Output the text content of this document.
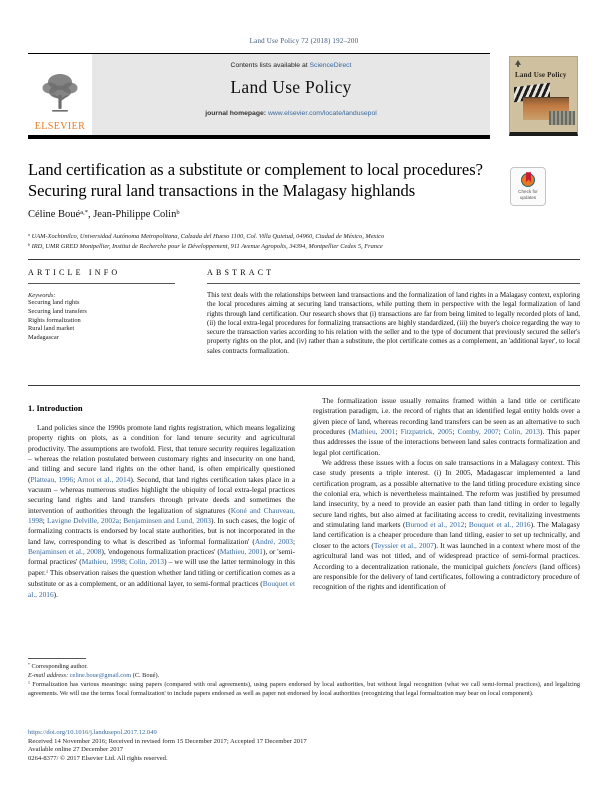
Land Use Policy 72 (2018) 192–200
ELSEVIER
Contents lists available at ScienceDirect
Land Use Policy
journal homepage: www.elsevier.com/locate/landusepol
Land Use Policy
Land certification as a substitute or complement to local procedures?
Securing rural land transactions in the Malagasy highlands	Check for updates
Céline Boué$^{a,*}$, Jean-Philippe Colin$^b$
$^a$ UAM-Xochimilco, Universidad Autónoma Metropolitana, Calzada del Hueso 1100, Col. Villa Quietud, 04960, Ciudad de México, Mexico
$^b$ IRD, UMR GRED Montpellier, Institut de Recherche pour le Développement, 911 Avenue Agropolis, 34394, Montpellier Cedex 5, France
ARTICLE INFO
Keywords:
Securing land rights
Securing land transfers
Rights formalization
Rural land market
Madagascar
ABSTRACT
This text deals with the relationships between land transactions and the formalization of land rights in a Malagasy context, exploring the local procedures aiming at securing land transactions, while putting them in perspective with the legal formalization of land rights through land certification. Our research shows that (i) transactions are far from being limited to legally recorded plots of land, (ii) the local extra-legal procedures for formalizing transactions are highly standardized, (iii) the buyer's choice regarding the way to secure the transaction varies according to his relation with the seller and to the type of document that previously secured the seller's property rights on the plot, and (iv) rather than a substitute, the plot certificate comes as a complement, an 'additional layer', to local sales contracts formalization.
1. Introduction

Land policies since the 1990s promote land rights registration, which means legalizing property rights on plots, as a condition for land tenure security and agricultural productivity. The assumptions are twofold. First, that tenure security requires legalization – whereas the relation postulated between customary rights and insecurity on one hand, and titling and secure land rights on the other hand, is often empirically questioned (Platteau, 1996; Arnot et al., 2014). Second, that land rights certification takes place in a vacuum – whereas numerous studies highlight the ubiquity of local extra-legal practices securing land rights and land transfers through private deeds and sometimes the intervention of authorities through the legalization of signatures (Koné and Chauveau, 1998; Lavigne Delville, 2002a; Benjaminsen and Lund, 2003). In such cases, the logic of formalizing contracts is endorsed by local state authorities, but is not incorporated in the land law, corresponding to what is described as 'informal formalization' (André, 2003; Benjaminsen et al., 2008), 'endogenous formalization practices' (Mathieu, 2001), or 'semi-formal practices' (Mathieu, 1998; Colin, 2013) – we will use the latter terminology in this paper.$^1$ This observation raises the question whether land titling or certification comes as a substitute or as a complement, or an additional layer, to semi-formal practices (Bouquet et al., 2016).

The formalization issue usually remains framed within a land title or certificate registration paradigm, i.e. the record of rights that an identified legal entity holds over a given piece of land, whereas recording land transfers can be seen as an alternative to such procedures (Mathieu, 2001; Fitzpatrick, 2005; Comby, 2007; Colin, 2013). This paper thus addresses the issue of the interactions between land sales contracts formalization and legal plot certification.

We address these issues with a focus on sale transactions in a Malagasy context. This case study presents a triple interest. (i) In 2005, Madagascar implemented a land certification program, as a possible alternative to the land titling procedure existing since the colonial era, which is nevertheless maintained. The reform was justified by presumed land insecurity, by a need to provide an easier path than land titling in order to legally secure land rights, but also aimed at facilitating access to credit, revitalizing investments and stimulating land markets (Burnod et al., 2012; Bouquet et al., 2016). The Malagasy land certification is a cheaper procedure than land titling, easier to set up technically, and closer to the actors (Teyssier et al., 2007). It was launched in a context where most of the agricultural land was not titled, and of widespread practice of semi-formal practices. According to a decentralization rationale, the municipal guichets fonciers (land offices) are responsible for the delivery of land certificates, following a contradictory procedure of recognition of the rights and identification of

* Corresponding author.
E-mail address: celine.boue@gmail.com (C. Boué).
$^1$ Formalization has various meanings: using papers (compared with oral agreements), using papers endorsed by local authorities, but without legal recognition (what we call semi-formal practices), and legalizing agreements. We will use the terms 'local formalization' to include papers endorsed as well as paper not endorsed by local authorities (recognizing that legal formalization may bear on local component).
https://doi.org/10.1016/j.landusepol.2017.12.049
Received 14 November 2016; Received in revised form 15 December 2017; Accepted 17 December 2017
Available online 27 December 2017
0264-8377/ © 2017 Elsevier Ltd. All rights reserved.
